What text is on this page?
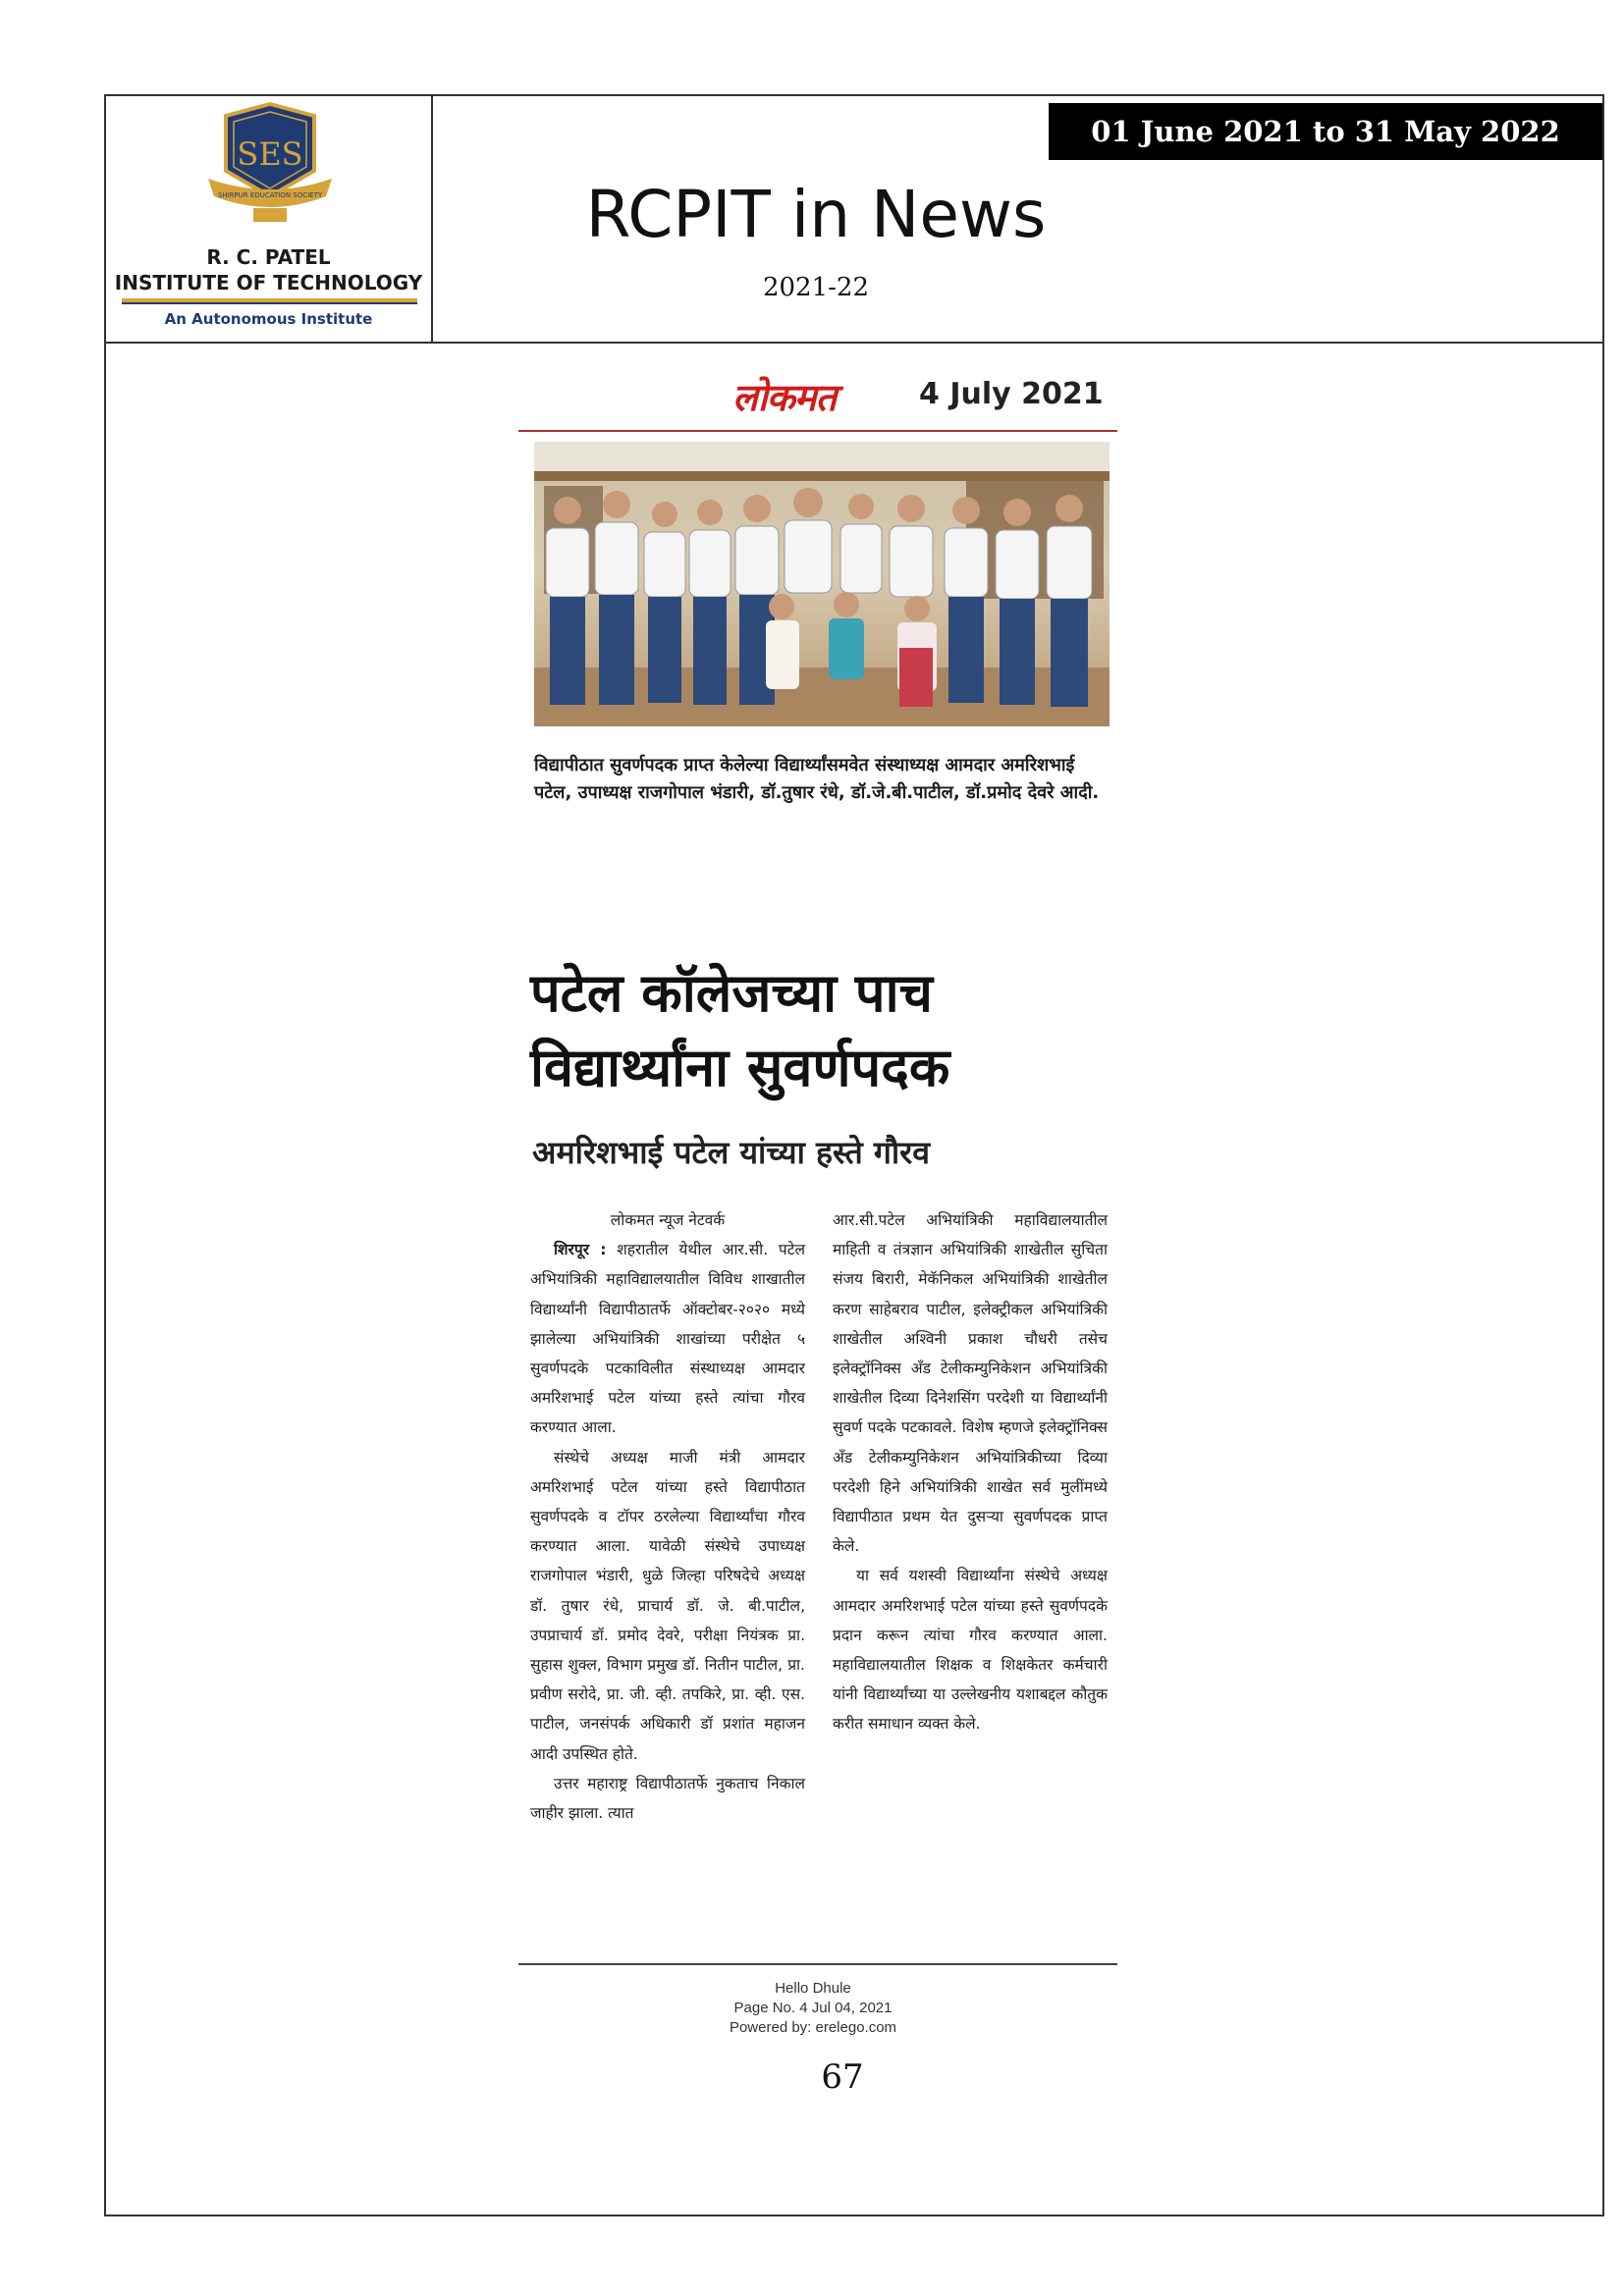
SES
SHIRPUR EDUCATION SOCIETY
R. C. PATEL
INSTITUTE OF TECHNOLOGY
An Autonomous Institute
01 June 2021 to 31 May 2022
RCPIT in News
2021-22
लोकमत	4 July 2021
विद्यापीठात सुवर्णपदक प्राप्त केलेल्या विद्यार्थ्यांसमवेत संस्थाध्यक्ष आमदार अमरिशभाई पटेल, उपाध्यक्ष राजगोपाल भंडारी, डॉ.तुषार रंधे, डॉ.जे.बी.पाटील, डॉ.प्रमोद देवरे आदी.
पटेल कॉलेजच्या पाच विद्यार्थ्यांना सुवर्णपदक
अमरिशभाई पटेल यांच्या हस्ते गौरव

लोकमत न्यूज नेटवर्क

शिरपूर : शहरातील येथील आर.सी. पटेल अभियांत्रिकी महाविद्यालयातील विविध शाखातील विद्यार्थ्यांनी विद्यापीठातर्फे ऑक्टोबर-२०२० मध्ये झालेल्या अभियांत्रिकी शाखांच्या परीक्षेत ५ सुवर्णपदके पटकाविलीत संस्थाध्यक्ष आमदार अमरिशभाई पटेल यांच्या हस्ते त्यांचा गौरव करण्यात आला.

संस्थेचे अध्यक्ष माजी मंत्री आमदार अमरिशभाई पटेल यांच्या हस्ते विद्यापीठात सुवर्णपदके व टॉपर ठरलेल्या विद्यार्थ्यांचा गौरव करण्यात आला. यावेळी संस्थेचे उपाध्यक्ष राजगोपाल भंडारी, धुळे जिल्हा परिषदेचे अध्यक्ष डॉ. तुषार रंधे, प्राचार्य डॉ. जे. बी.पाटील, उपप्राचार्य डॉ. प्रमोद देवरे, परीक्षा नियंत्रक प्रा. सुहास शुक्ल, विभाग प्रमुख डॉ. नितीन पाटील, प्रा. प्रवीण सरोदे, प्रा. जी. व्ही. तपकिरे, प्रा. व्ही. एस. पाटील, जनसंपर्क अधिकारी डॉ प्रशांत महाजन आदी उपस्थित होते.

उत्तर महाराष्ट्र विद्यापीठातर्फे नुकताच निकाल जाहीर झाला. त्यात

आर.सी.पटेल अभियांत्रिकी महाविद्यालयातील माहिती व तंत्रज्ञान अभियांत्रिकी शाखेतील सुचिता संजय बिरारी, मेकॅनिकल अभियांत्रिकी शाखेतील करण साहेबराव पाटील, इलेक्ट्रीकल अभियांत्रिकी शाखेतील अश्विनी प्रकाश चौधरी तसेच इलेक्ट्रॉनिक्स अँड टेलीकम्युनिकेशन अभियांत्रिकी शाखेतील दिव्या दिनेशसिंग परदेशी या विद्यार्थ्यांनी सुवर्ण पदके पटकावले. विशेष म्हणजे इलेक्ट्रॉनिक्स अँड टेलीकम्युनिकेशन अभियांत्रिकीच्या दिव्या परदेशी हिने अभियांत्रिकी शाखेत सर्व मुलींमध्ये विद्यापीठात प्रथम येत दुसऱ्या सुवर्णपदक प्राप्त केले.

या सर्व यशस्वी विद्यार्थ्यांना संस्थेचे अध्यक्ष आमदार अमरिशभाई पटेल यांच्या हस्ते सुवर्णपदके प्रदान करून त्यांचा गौरव करण्यात आला. महाविद्यालयातील शिक्षक व शिक्षकेतर कर्मचारी यांनी विद्यार्थ्यांच्या या उल्लेखनीय यशाबद्दल कौतुक करीत समाधान व्यक्त केले.

Hello Dhule
Page No. 4 Jul 04, 2021
Powered by: erelego.com
67
